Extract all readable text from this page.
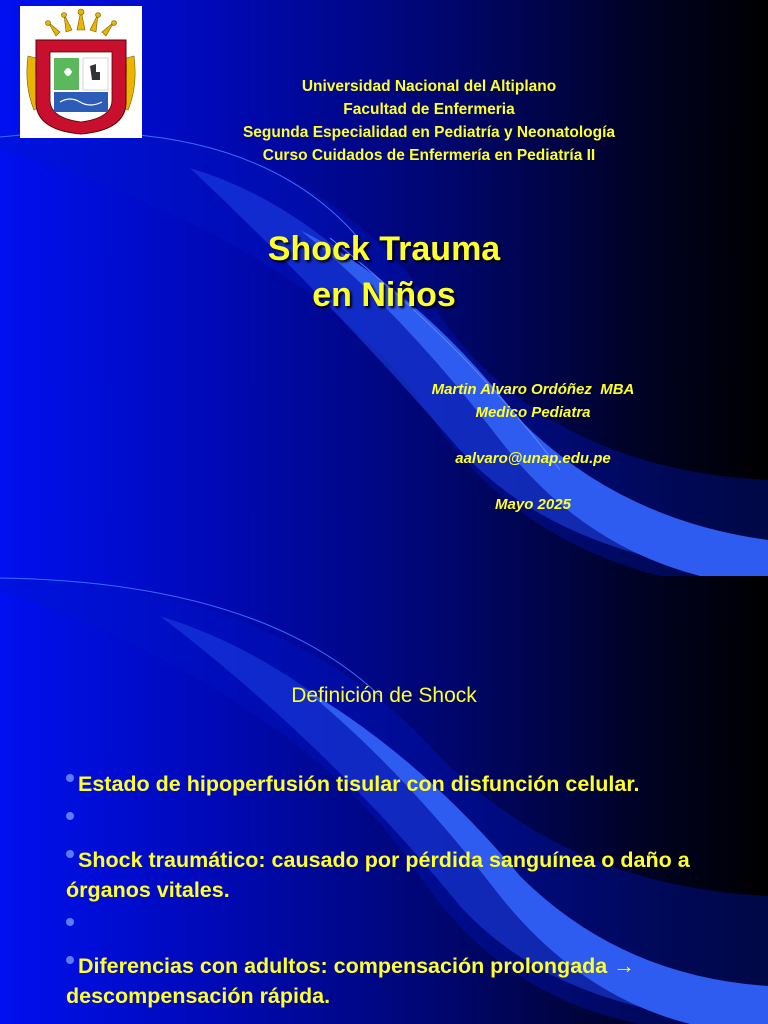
Universidad Nacional del Altiplano
Facultad de Enfermeria
Segunda Especialidad en Pediatría y Neonatología
Curso Cuidados de Enfermería en Pediatría II
Shock Trauma
en Niños
Martin Alvaro Ordóñez  MBA
Medico Pediatra
aalvaro@unap.edu.pe
Mayo 2025
Definición de Shock
Estado de hipoperfusión tisular con disfunción celular.
Shock traumático: causado por pérdida sanguínea o daño a órganos vitales.
Diferencias con adultos: compensación prolongada → descompensación rápida.
